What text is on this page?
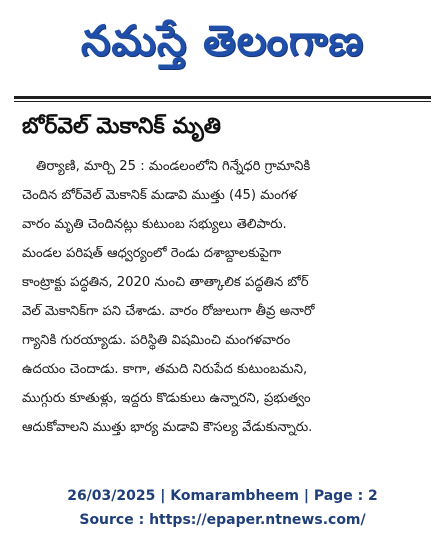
నమస్తే తెలంగాణ
బోర్‌వెల్ మెకానిక్ మృతి
తిర్యాణి, మార్చి 25 : మండలంలోని గిన్నేధరి గ్రామానికి
చెందిన బోర్‌వెల్ మెకానిక్ మడావి ముత్తు (45) మంగళ
వారం మృతి చెందినట్లు కుటుంబ సభ్యులు తెలిపారు.
మండల పరిషత్ ఆధ్వర్యంలో రెండు దశాబ్దాలకుపైగా
కాంట్రాక్టు పద్ధతిన, 2020 నుంచి తాత్కాలిక పద్ధతిన బోర్
వెల్ మెకానిక్‌గా పని చేశాడు. వారం రోజులుగా తీవ్ర అనారో
గ్యానికి గురయ్యాడు. పరిస్థితి విషమించి మంగళవారం
ఉదయం చెందాడు. కాగా, తమది నిరుపేద కుటుంబమని,
ముగ్గురు కూతుళ్లు, ఇద్దరు కొడుకులు ఉన్నారని, ప్రభుత్వం
ఆదుకోవాలని ముత్తు భార్య మడావి కౌసల్య వేడుకున్నారు.
26/03/2025 | Komarambheem | Page : 2
Source : https://epaper.ntnews.com/
